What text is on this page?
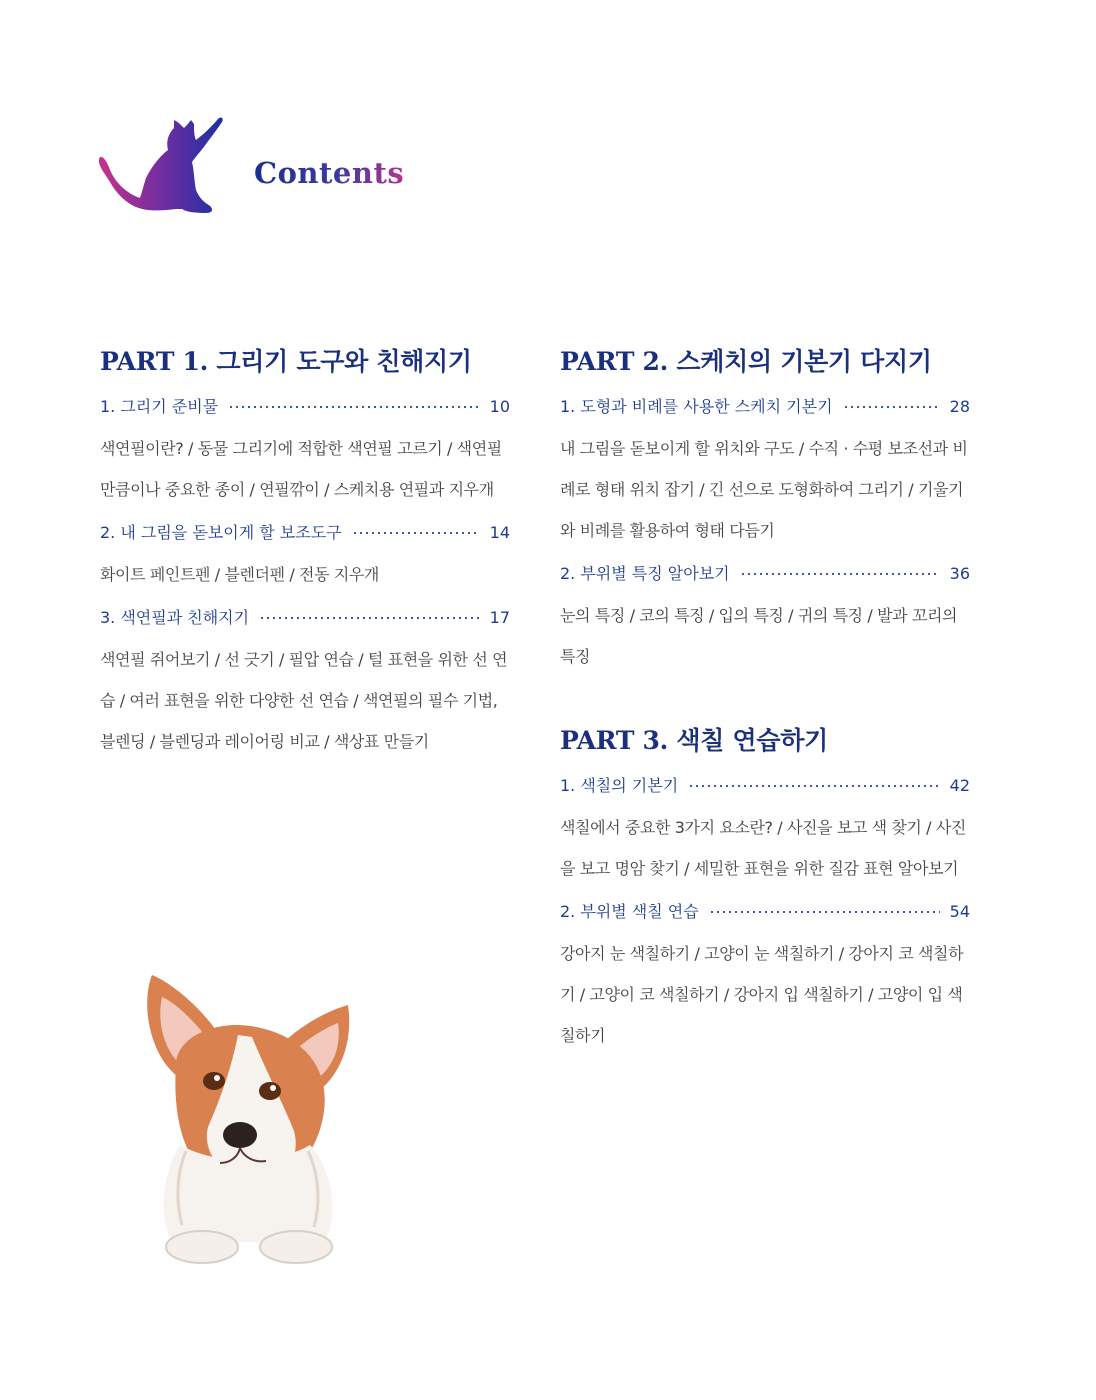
Contents
PART 1. 그리기 도구와 친해지기
1. 그리기 준비물	10

색연필이란? / 동물 그리기에 적합한 색연필 고르기 / 색연필 만큼이나 중요한 종이 / 연필깎이 / 스케치용 연필과 지우개

2. 내 그림을 돋보이게 할 보조도구	14

화이트 페인트펜 / 블렌더펜 / 전동 지우개

3. 색연필과 친해지기	17

색연필 쥐어보기 / 선 긋기 / 필압 연습 / 털 표현을 위한 선 연습 / 여러 표현을 위한 다양한 선 연습 / 색연필의 필수 기법, 블렌딩 / 블렌딩과 레이어링 비교 / 색상표 만들기

PART 2. 스케치의 기본기 다지기
1. 도형과 비례를 사용한 스케치 기본기	28

내 그림을 돋보이게 할 위치와 구도 / 수직 · 수평 보조선과 비례로 형태 위치 잡기 / 긴 선으로 도형화하여 그리기 / 기울기와 비례를 활용하여 형태 다듬기

2. 부위별 특징 알아보기	36

눈의 특징 / 코의 특징 / 입의 특징 / 귀의 특징 / 발과 꼬리의 특징

PART 3. 색칠 연습하기
1. 색칠의 기본기	42

색칠에서 중요한 3가지 요소란? / 사진을 보고 색 찾기 / 사진을 보고 명암 찾기 / 세밀한 표현을 위한 질감 표현 알아보기

2. 부위별 색칠 연습	54

강아지 눈 색칠하기 / 고양이 눈 색칠하기 / 강아지 코 색칠하기 / 고양이 코 색칠하기 / 강아지 입 색칠하기 / 고양이 입 색칠하기
